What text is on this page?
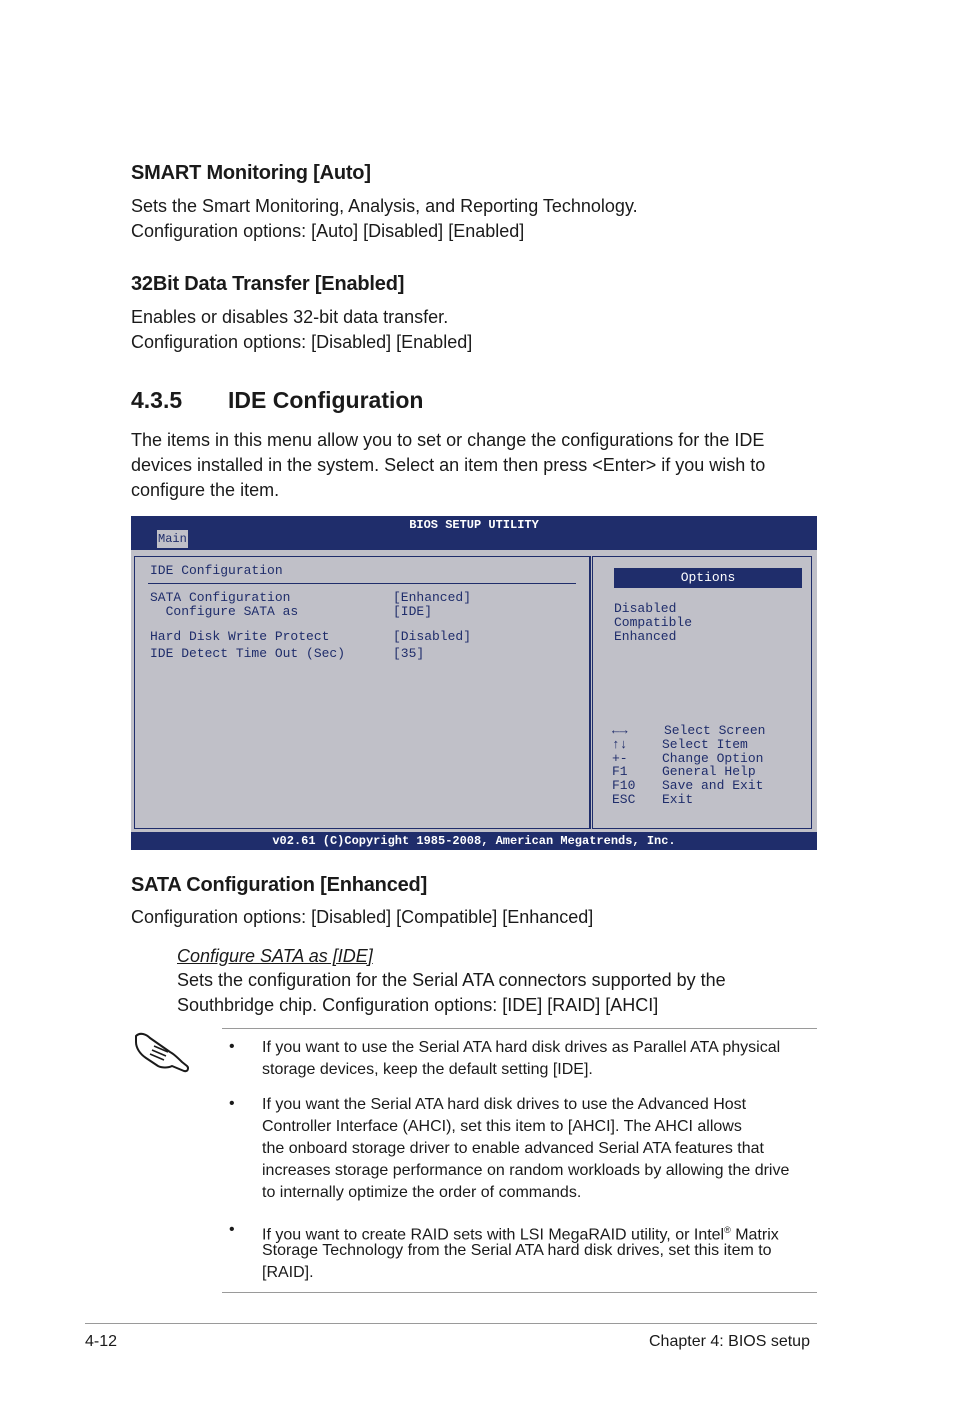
SMART Monitoring [Auto]
Sets the Smart Monitoring, Analysis, and Reporting Technology.
Configuration options: [Auto] [Disabled] [Enabled]
32Bit Data Transfer [Enabled]
Enables or disables 32-bit data transfer.
Configuration options: [Disabled] [Enabled]
4.3.5 IDE Configuration
The items in this menu allow you to set or change the configurations for the IDE
devices installed in the system. Select an item then press <Enter> if you wish to
configure the item.
BIOS SETUP UTILITY
Main
IDE Configuration
SATA Configuration	[Enhanced]
Configure SATA as	[IDE]
Hard Disk Write Protect	[Disabled]
IDE Detect Time Out (Sec)	[35]
Options
Disabled
Compatible
Enhanced
←→	Select Screen
↑↓	Select Item
+-	Change Option
F1	General Help
F10 Save and Exit
ESC Exit
v02.61 (C)Copyright 1985-2008, American Megatrends, Inc.
SATA Configuration [Enhanced]
Configuration options: [Disabled] [Compatible] [Enhanced]
Configure SATA as [IDE]
Sets the configuration for the Serial ATA connectors supported by the
Southbridge chip. Configuration options: [IDE] [RAID] [AHCI]
• If you want to use the Serial ATA hard disk drives as Parallel ATA physical
storage devices, keep the default setting [IDE].
• If you want the Serial ATA hard disk drives to use the Advanced Host
Controller Interface (AHCI), set this item to [AHCI]. The AHCI allows
the onboard storage driver to enable advanced Serial ATA features that
increases storage performance on random workloads by allowing the drive
to internally optimize the order of commands.
• If you want to create RAID sets with LSI MegaRAID utility, or Intel® Matrix
Storage Technology from the Serial ATA hard disk drives, set this item to
[RAID].
4-12	Chapter 4: BIOS setup
